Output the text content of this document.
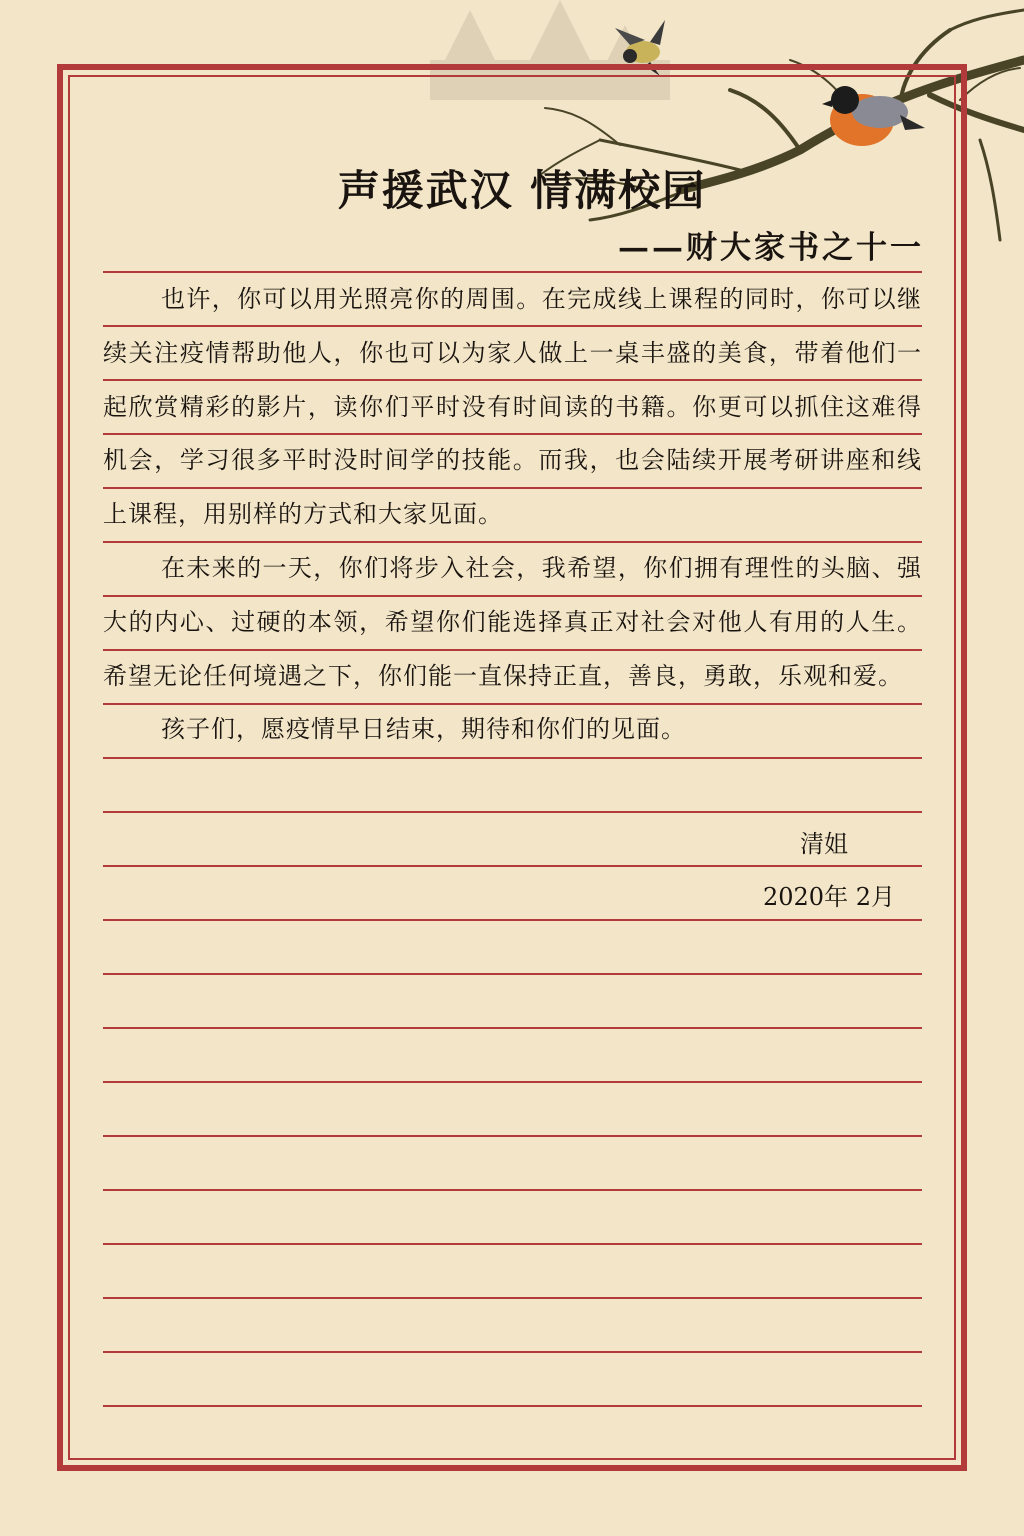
声援武汉 情满校园
——财大家书之十一

也许，你可以用光照亮你的周围。在完成线上课程的同时，你可以继续关注疫情帮助他人，你也可以为家人做上一桌丰盛的美食，带着他们一起欣赏精彩的影片，读你们平时没有时间读的书籍。你更可以抓住这难得机会，学习很多平时没时间学的技能。而我，也会陆续开展考研讲座和线上课程，用别样的方式和大家见面。

在未来的一天，你们将步入社会，我希望，你们拥有理性的头脑、强大的内心、过硬的本领，希望你们能选择真正对社会对他人有用的人生。希望无论任何境遇之下，你们能一直保持正直，善良，勇敢，乐观和爱。

孩子们，愿疫情早日结束，期待和你们的见面。

清姐
2020年 2月
